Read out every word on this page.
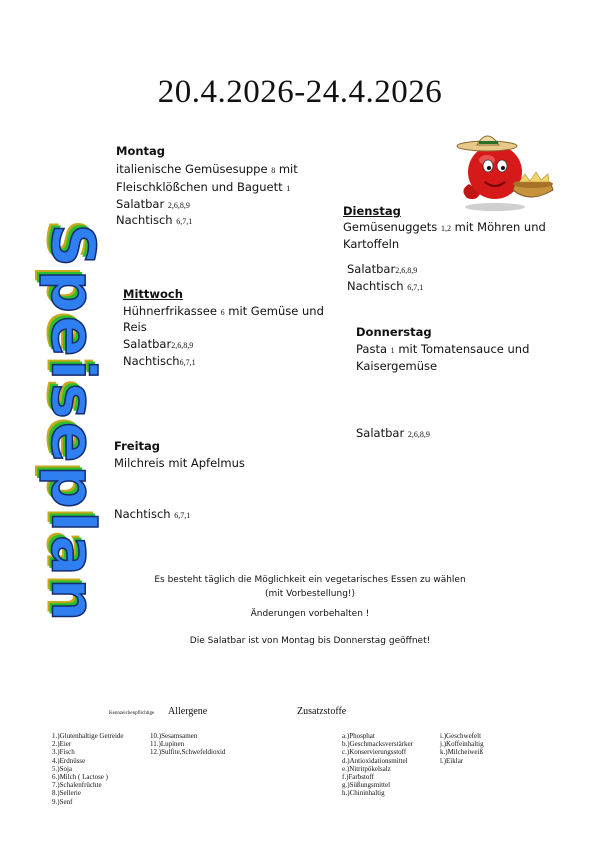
20.4.2026-24.4.2026
Speiseplan
Montag
italienische Gemüsesuppe 8 mit
Fleischklößchen und Baguett 1
Salatbar 2,6,8,9
Nachtisch 6,7,1
Dienstag
Gemüsenuggets 1,2 mit Möhren und
Kartoffeln
Salatbar2,6,8,9
Nachtisch 6,7,1
Mittwoch
Hühnerfrikassee 6 mit Gemüse und
Reis
Salatbar2,6,8,9
Nachtisch6,7,1
Donnerstag
Pasta 1 mit Tomatensauce und
Kaisergemüse
Salatbar 2,6,8,9
Freitag
Milchreis mit Apfelmus
Nachtisch 6,7,1
Es besteht täglich die Möglichkeit ein vegetarisches Essen zu wählen (mit Vorbestellung!)
Änderungen vorbehalten !
Die Salatbar ist von Montag bis Donnerstag geöffnet!
Kennzeichenpflichtige Allergene	Zusatzstoffe
1.)Glutenhaltige Getreide
2.)Eier
3.)Fisch
4.)Erdnüsse
5.)Soja
6.)Milch ( Lactose )
7.)Schalenfrüchte
8.)Sellerie
9.)Senf
10.)Sesamsamen
11.)Lupinen
12.)Sulfite,Schwefeldioxid
a.)Phosphat
b.)Geschmacksverstärker
c.)Konservierungsstoff
d.)Antioxidationsmittel
e.)Nitritpökelsalz
f.)Farbstoff
g.)Süßungsmittel
h.)Chininhaltig
i.)Geschwefelt
j.)Koffeinhaltig
k.)Milcheiweiß
l.)Eiklar
